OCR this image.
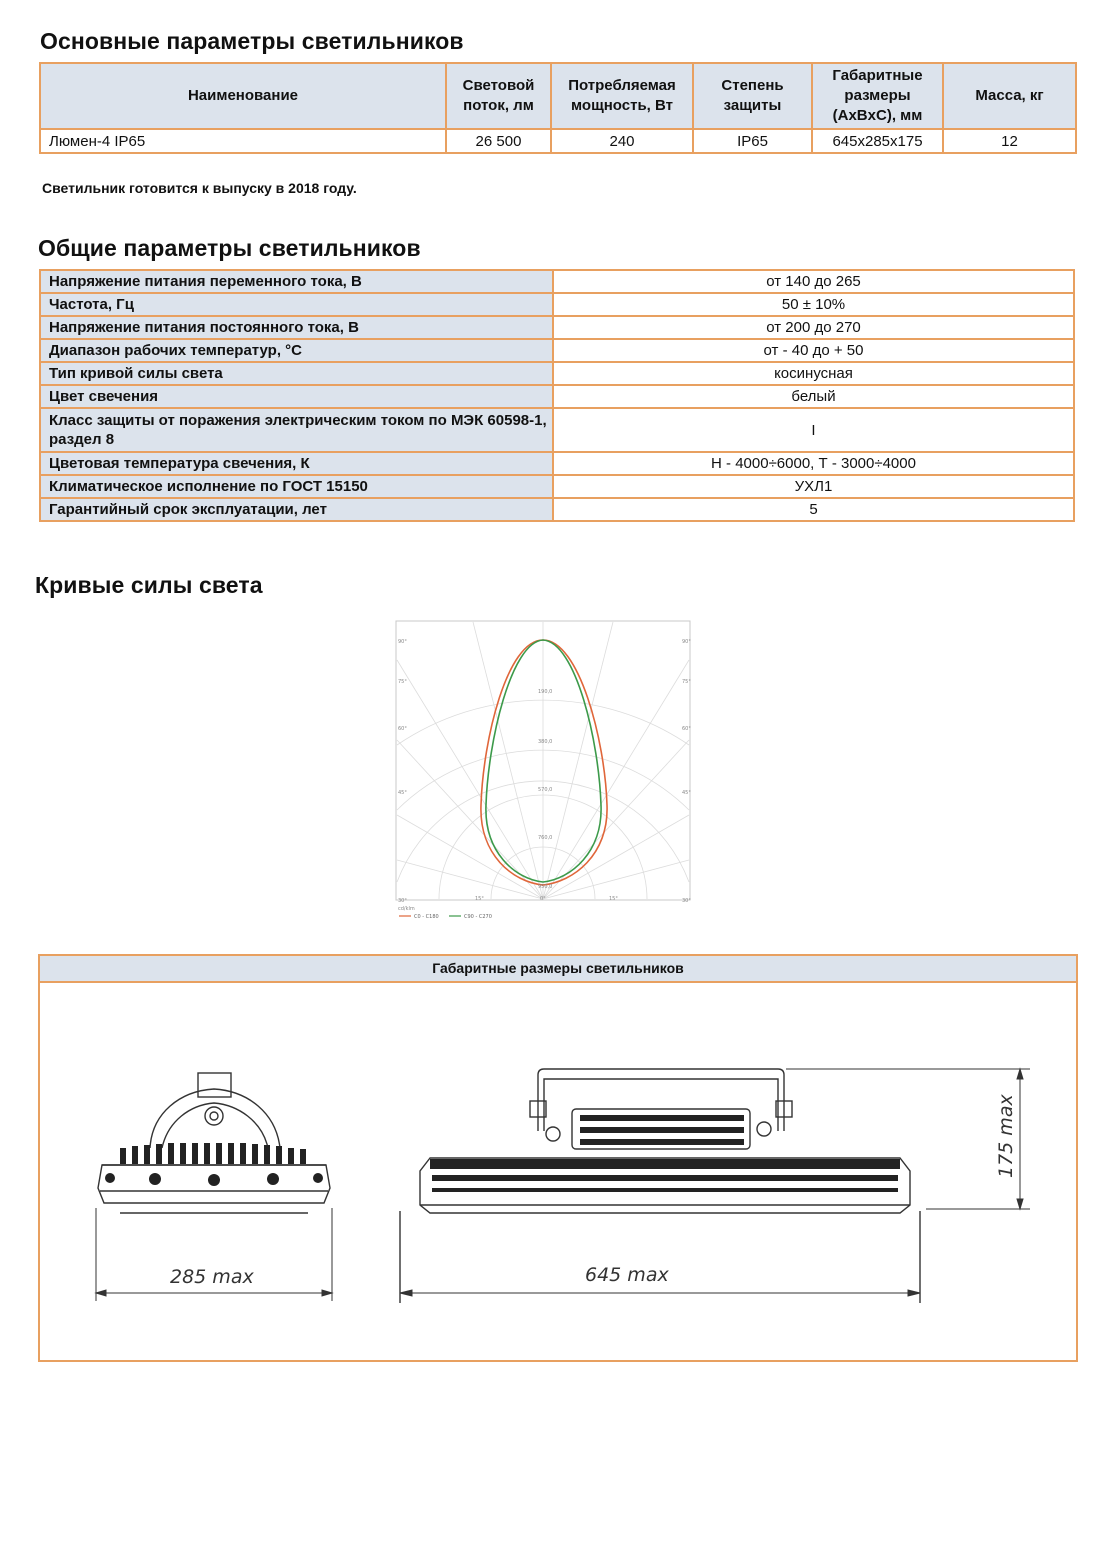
Основные параметры светильников
Наименование	Световой поток, лм	Потребляемая мощность, Вт	Степень защиты	Габаритные размеры (AxBxC), мм	Масса, кг
Люмен-4 IP65	26 500	240	IP65	645х285х175	12

Светильник готовится к выпуску в 2018 году.

Общие параметры светильников
Напряжение питания переменного тока, В	от 140 до 265
Частота, Гц	50 ± 10%
Напряжение питания постоянного тока, В	от 200 до 270
Диапазон рабочих температур, °С	от - 40 до + 50
Тип кривой силы света	косинусная
Цвет свечения	белый
Класс защиты от поражения электрическим током по МЭК 60598-1, раздел 8	I
Цветовая температура свечения, К	Н - 4000÷6000, Т - 3000÷4000
Климатическое исполнение по ГОСТ 15150	УХЛ1
Гарантийный срок эксплуатации, лет	5
Кривые силы света
90°
75°
60°
45°
30°
90°
75°
60°
45°
30°
15°	0°	15°
190,0
380,0
570,0
760,0
950,0
cd/klm
C0 - C180	C90 - C270
Габаритные размеры светильников
285 max	645 max
175 max
